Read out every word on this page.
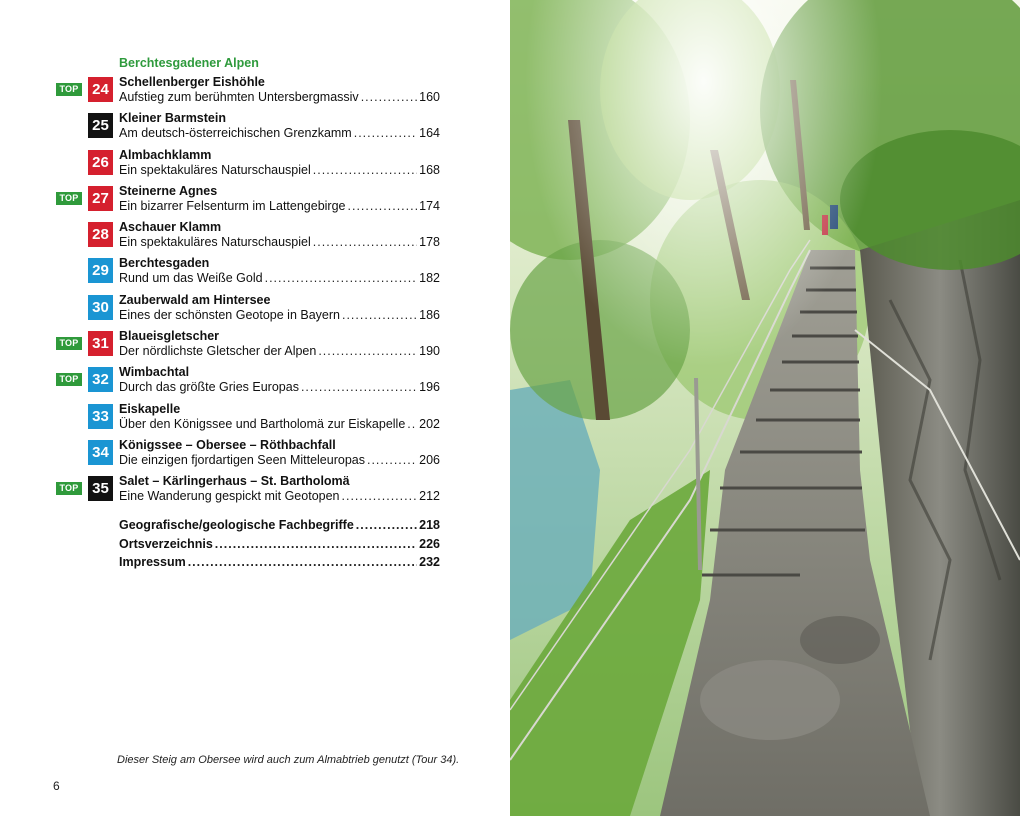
Berchtesgadener Alpen
TOP 24 Schellenberger Eishöhle
Aufstieg zum berühmten Untersbergmassiv .....	160
25 Kleiner Barmstein
Am deutsch-österreichischen Grenzkamm .....	164
26 Almbachklamm
Ein spektakuläres Naturschauspiel .....	168
TOP 27 Steinerne Agnes
Ein bizarrer Felsenturm im Lattengebirge .....	174
28 Aschauer Klamm
Ein spektakuläres Naturschauspiel .....	178
29 Berchtesgaden
Rund um das Weiße Gold .....	182
30 Zauberwald am Hintersee
Eines der schönsten Geotope in Bayern .....	186
TOP 31 Blaueisgletscher
Der nördlichste Gletscher der Alpen .....	190
TOP 32 Wimbachtal
Durch das größte Gries Europas .....	196
33 Eiskapelle
Über den Königssee und Bartholomä zur Eiskapelle ..... 202
34 Königssee – Obersee – Röthbachfall
Die einzigen fjordartigen Seen Mitteleuropas .....	206
TOP 35 Salet – Kärlingerhaus – St. Bartholomä
Eine Wanderung gespickt mit Geotopen .....	212
Geografische/geologische Fachbegriffe .....	218
Ortsverzeichnis .....	226
Impressum .....	232
Dieser Steig am Obersee wird auch zum Almabtrieb genutzt (Tour 34).
6
